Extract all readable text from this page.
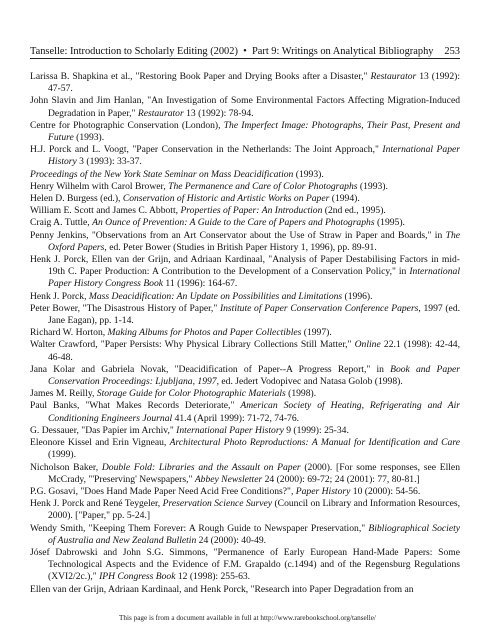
Tanselle: Introduction to Scholarly Editing (2002) • Part 9: Writings on Analytical Bibliography 253
Larissa B. Shapkina et al., "Restoring Book Paper and Drying Books after a Disaster," Restaurator 13 (1992): 47-57.
John Slavin and Jim Hanlan, "An Investigation of Some Environmental Factors Affecting Migration-Induced Degradation in Paper," Restaurator 13 (1992): 78-94.
Centre for Photographic Conservation (London), The Imperfect Image: Photographs, Their Past, Present and Future (1993).
H.J. Porck and L. Voogt, "Paper Conservation in the Netherlands: The Joint Approach," International Paper History 3 (1993): 33-37.
Proceedings of the New York State Seminar on Mass Deacidification (1993).
Henry Wilhelm with Carol Brower, The Permanence and Care of Color Photographs (1993).
Helen D. Burgess (ed.), Conservation of Historic and Artistic Works on Paper (1994).
William E. Scott and James C. Abbott, Properties of Paper: An Introduction (2nd ed., 1995).
Craig A. Tuttle, An Ounce of Prevention: A Guide to the Care of Papers and Photographs (1995).
Penny Jenkins, "Observations from an Art Conservator about the Use of Straw in Paper and Boards," in The Oxford Papers, ed. Peter Bower (Studies in British Paper History 1, 1996), pp. 89-91.
Henk J. Porck, Ellen van der Grijn, and Adriaan Kardinaal, "Analysis of Paper Destabilising Factors in mid-19th C. Paper Production: A Contribution to the Development of a Conservation Policy," in International Paper History Congress Book 11 (1996): 164-67.
Henk J. Porck, Mass Deacidification: An Update on Possibilities and Limitations (1996).
Peter Bower, "The Disastrous History of Paper," Institute of Paper Conservation Conference Papers, 1997 (ed. Jane Eagan), pp. 1-14.
Richard W. Horton, Making Albums for Photos and Paper Collectibles (1997).
Walter Crawford, "Paper Persists: Why Physical Library Collections Still Matter," Online 22.1 (1998): 42-44, 46-48.
Jana Kolar and Gabriela Novak, "Deacidification of Paper--A Progress Report," in Book and Paper Conservation Proceedings: Ljubljana, 1997, ed. Jedert Vodopivec and Natasa Golob (1998).
James M. Reilly, Storage Guide for Color Photographic Materials (1998).
Paul Banks, "What Makes Records Deteriorate," American Society of Heating, Refrigerating and Air Conditioning Engineers Journal 41.4 (April 1999): 71-72, 74-76.
G. Dessauer, "Das Papier im Archiv," International Paper History 9 (1999): 25-34.
Eleonore Kissel and Erin Vigneau, Architectural Photo Reproductions: A Manual for Identification and Care (1999).
Nicholson Baker, Double Fold: Libraries and the Assault on Paper (2000). [For some responses, see Ellen McCrady, "'Preserving' Newspapers," Abbey Newsletter 24 (2000): 69-72; 24 (2001): 77, 80-81.]
P.G. Gosavi, "Does Hand Made Paper Need Acid Free Conditions?", Paper History 10 (2000): 54-56.
Henk J. Porck and René Teygeler, Preservation Science Survey (Council on Library and Information Resources, 2000). ["Paper," pp. 5-24.]
Wendy Smith, "Keeping Them Forever: A Rough Guide to Newspaper Preservation," Bibliographical Society of Australia and New Zealand Bulletin 24 (2000): 40-49.
Jósef Dabrowski and John S.G. Simmons, "Permanence of Early European Hand-Made Papers: Some Technological Aspects and the Evidence of F.M. Grapaldo (c.1494) and of the Regensburg Regulations (XVI2/2c.)," IPH Congress Book 12 (1998): 255-63.
Ellen van der Grijn, Adriaan Kardinaal, and Henk Porck, "Research into Paper Degradation from an
This page is from a document available in full at http://www.rarebookschool.org/tanselle/
